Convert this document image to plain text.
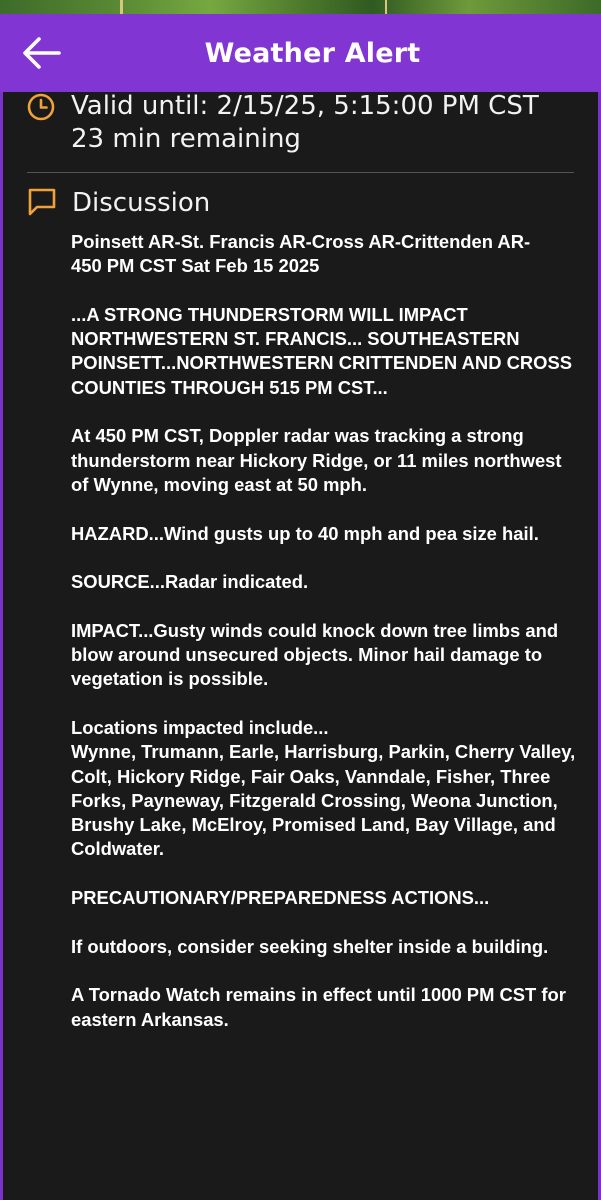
Weather Alert
Valid until: 2/15/25, 5:15:00 PM CST
23 min remaining
Discussion
Poinsett AR-St. Francis AR-Cross AR-Crittenden AR-
450 PM CST Sat Feb 15 2025
...A STRONG THUNDERSTORM WILL IMPACT NORTHWESTERN ST. FRANCIS... SOUTHEASTERN POINSETT...NORTHWESTERN CRITTENDEN AND CROSS COUNTIES THROUGH 515 PM CST...
At 450 PM CST, Doppler radar was tracking a strong thunderstorm near Hickory Ridge, or 11 miles northwest of Wynne, moving east at 50 mph.
HAZARD...Wind gusts up to 40 mph and pea size hail.
SOURCE...Radar indicated.
IMPACT...Gusty winds could knock down tree limbs and blow around unsecured objects. Minor hail damage to vegetation is possible.
Locations impacted include...
Wynne, Trumann, Earle, Harrisburg, Parkin, Cherry Valley, Colt, Hickory Ridge, Fair Oaks, Vanndale, Fisher, Three Forks, Payneway, Fitzgerald Crossing, Weona Junction, Brushy Lake, McElroy, Promised Land, Bay Village, and Coldwater.
PRECAUTIONARY/PREPAREDNESS ACTIONS...
If outdoors, consider seeking shelter inside a building.
A Tornado Watch remains in effect until 1000 PM CST for eastern Arkansas.
